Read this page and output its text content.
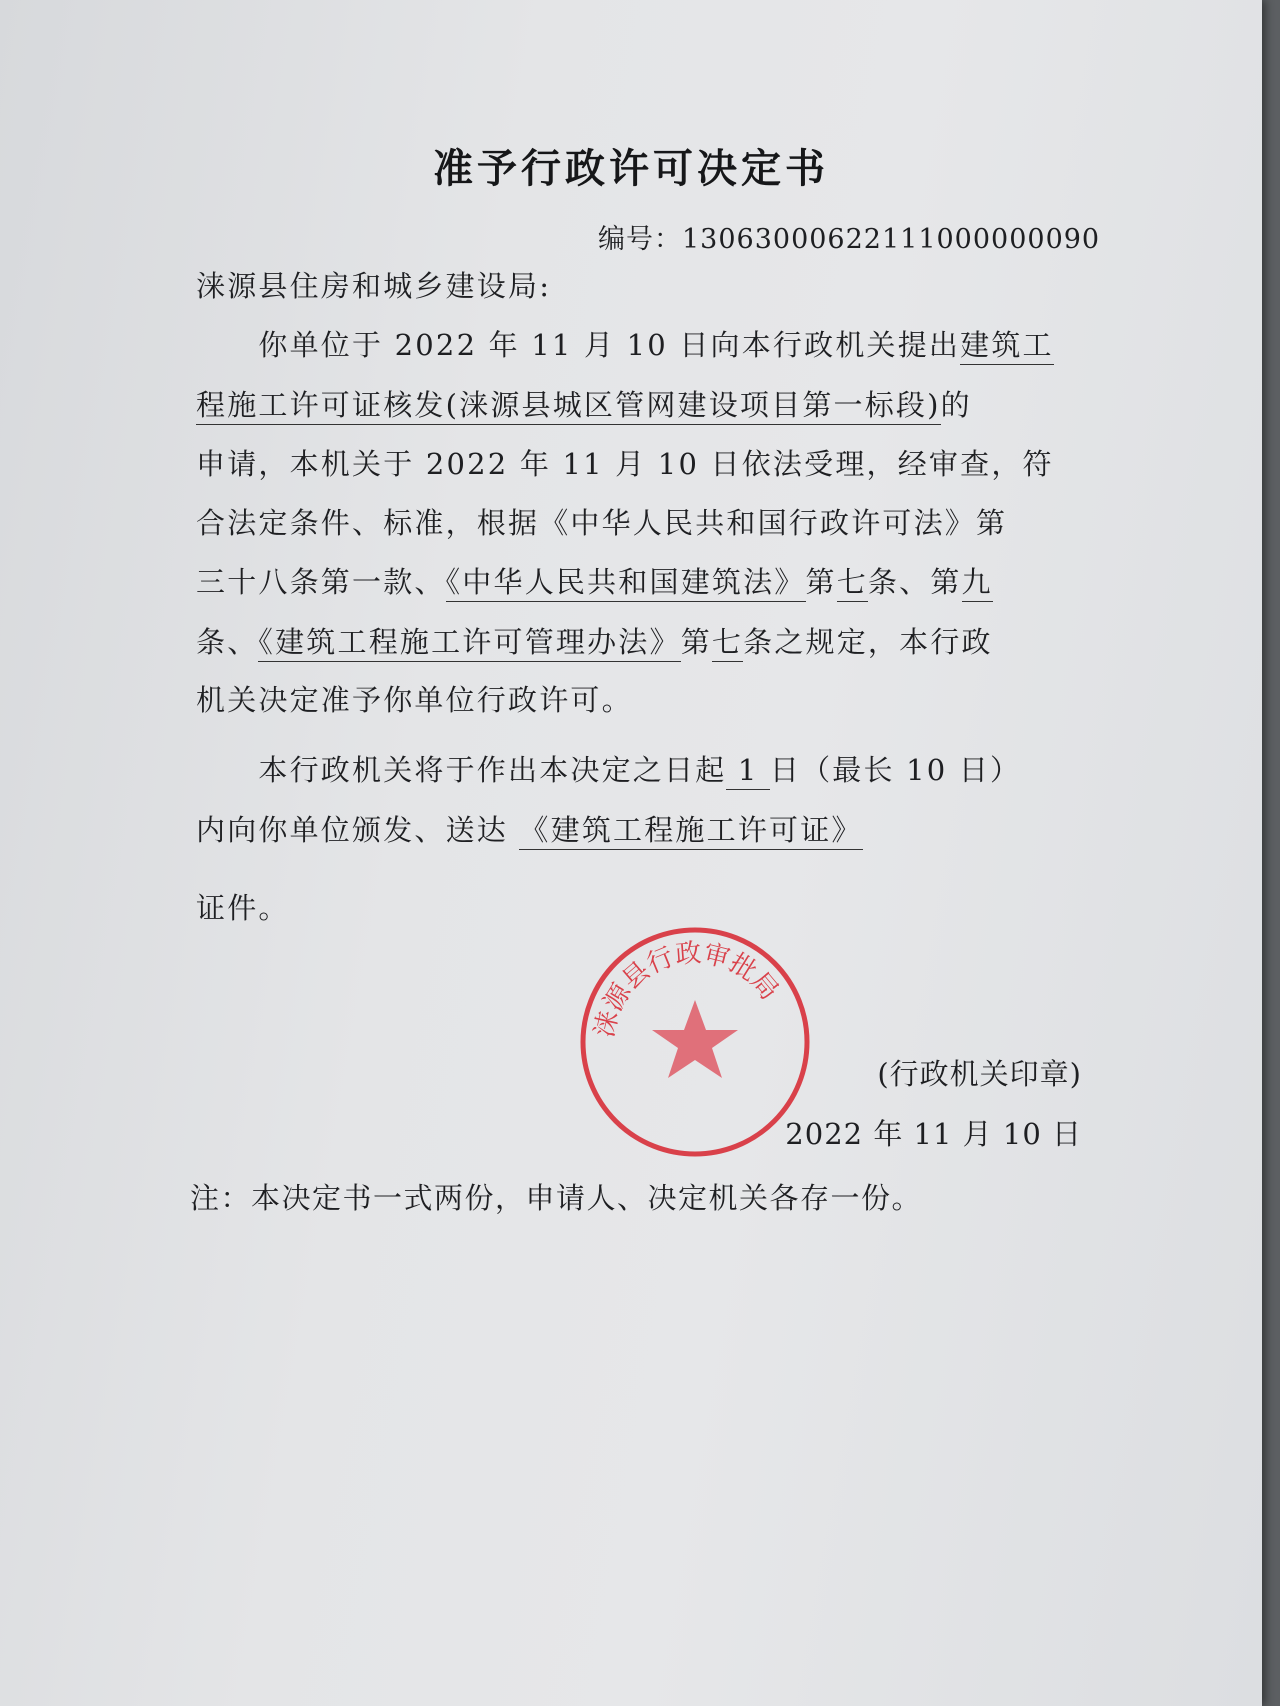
准予行政许可决定书
编号：13063000622111000000090
涞源县住房和城乡建设局:
　　你单位于 2022 年 11 月 10 日向本行政机关提出建筑工
程施工许可证核发(涞源县城区管网建设项目第一标段)的
申请，本机关于 2022 年 11 月 10 日依法受理，经审查，符
合法定条件、标准，根据《中华人民共和国行政许可法》第
三十八条第一款、《中华人民共和国建筑法》第七条、第九
条、《建筑工程施工许可管理办法》第七条之规定，本行政
机关决定准予你单位行政许可。
　　本行政机关将于作出本决定之日起 1 日（最长 10 日）
内向你单位颁发、送达 《建筑工程施工许可证》
证件。
涞源县行政审批局
(行政机关印章)
2022 年 11 月 10 日
注：本决定书一式两份，申请人、决定机关各存一份。
